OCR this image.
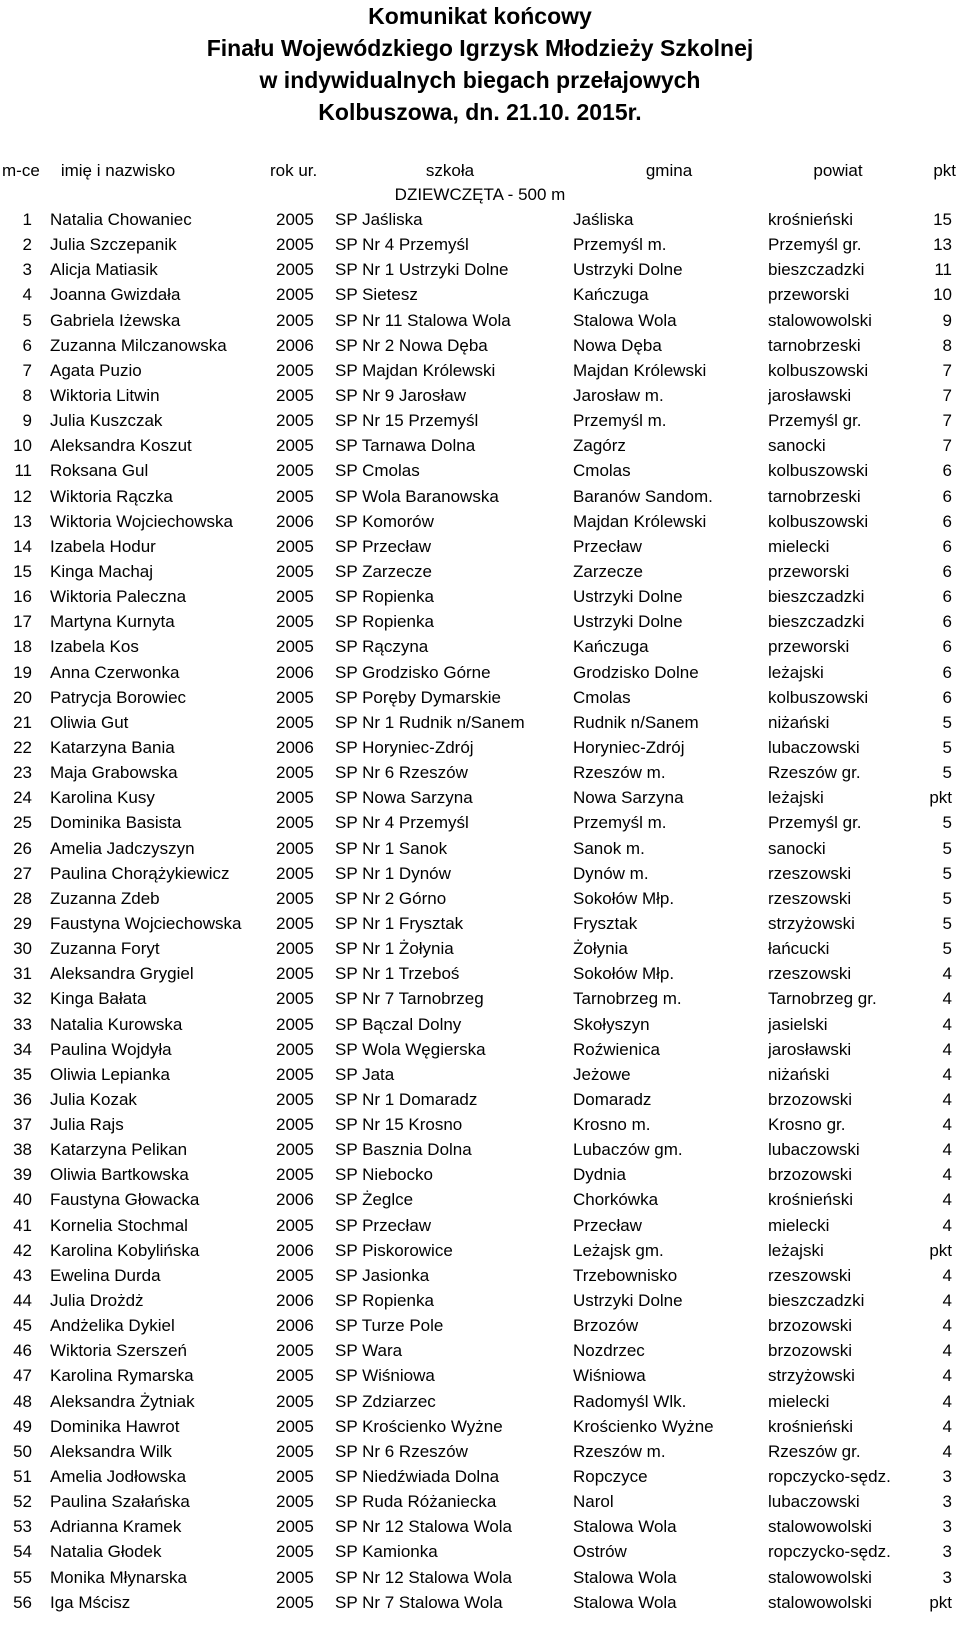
Komunikat końcowy
Finału Wojewódzkiego Igrzysk Młodzieży Szkolnej
w indywidualnych biegach przełajowych
Kolbuszowa, dn. 21.10. 2015r.
m-ce	imię i nazwisko	rok ur.	szkoła	gmina	powiat	pkt
DZIEWCZĘTA - 500 m
1 Natalia Chowaniec	2005	SP Jaśliska	Jaśliska	krośnieński	15
2 Julia Szczepanik	2005	SP Nr 4 Przemyśl	Przemyśl m.	Przemyśl gr.	13
3 Alicja Matiasik	2005	SP Nr 1 Ustrzyki Dolne	Ustrzyki Dolne	bieszczadzki	11
4 Joanna Gwizdała	2005	SP Sietesz	Kańczuga	przeworski	10
5 Gabriela Iżewska	2005	SP Nr 11 Stalowa Wola	Stalowa Wola	stalowowolski	9
6 Zuzanna Milczanowska	2006	SP Nr 2 Nowa Dęba	Nowa Dęba	tarnobrzeski	8
7 Agata Puzio	2005	SP Majdan Królewski	Majdan Królewski	kolbuszowski	7
8 Wiktoria Litwin	2005	SP Nr 9 Jarosław	Jarosław m.	jarosławski	7
9 Julia Kuszczak	2005	SP Nr 15 Przemyśl	Przemyśl m.	Przemyśl gr.	7
10 Aleksandra Koszut	2005	SP Tarnawa Dolna	Zagórz	sanocki	7
11 Roksana Gul	2005	SP Cmolas	Cmolas	kolbuszowski	6
12 Wiktoria Rączka	2005	SP Wola Baranowska	Baranów Sandom.	tarnobrzeski	6
13 Wiktoria Wojciechowska	2006	SP Komorów	Majdan Królewski	kolbuszowski	6
14 Izabela Hodur	2005	SP Przecław	Przecław	mielecki	6
15 Kinga Machaj	2005	SP Zarzecze	Zarzecze	przeworski	6
16 Wiktoria Paleczna	2005	SP Ropienka	Ustrzyki Dolne	bieszczadzki	6
17 Martyna Kurnyta	2005	SP Ropienka	Ustrzyki Dolne	bieszczadzki	6
18 Izabela Kos	2005	SP Rączyna	Kańczuga	przeworski	6
19 Anna Czerwonka	2006	SP Grodzisko Górne	Grodzisko Dolne	leżajski	6
20 Patrycja Borowiec	2005	SP Poręby Dymarskie	Cmolas	kolbuszowski	6
21 Oliwia Gut	2005	SP Nr 1 Rudnik n/Sanem	Rudnik n/Sanem	niżański	5
22 Katarzyna Bania	2006	SP Horyniec-Zdrój	Horyniec-Zdrój	lubaczowski	5
23 Maja Grabowska	2005	SP Nr 6 Rzeszów	Rzeszów m.	Rzeszów gr.	5
24 Karolina Kusy	2005	SP Nowa Sarzyna	Nowa Sarzyna	leżajski	pkt
25 Dominika Basista	2005	SP Nr 4 Przemyśl	Przemyśl m.	Przemyśl gr.	5
26 Amelia Jadczyszyn	2005	SP Nr 1 Sanok	Sanok m.	sanocki	5
27 Paulina Chorążykiewicz	2005	SP Nr 1 Dynów	Dynów m.	rzeszowski	5
28 Zuzanna Zdeb	2005	SP Nr 2 Górno	Sokołów Młp.	rzeszowski	5
29 Faustyna Wojciechowska	2005	SP Nr 1 Frysztak	Frysztak	strzyżowski	5
30 Zuzanna Foryt	2005	SP Nr 1 Żołynia	Żołynia	łańcucki	5
31 Aleksandra Grygiel	2005	SP Nr 1 Trzeboś	Sokołów Młp.	rzeszowski	4
32 Kinga Bałata	2005	SP Nr 7 Tarnobrzeg	Tarnobrzeg m.	Tarnobrzeg gr.	4
33 Natalia Kurowska	2005	SP Bączal Dolny	Skołyszyn	jasielski	4
34 Paulina Wojdyła	2005	SP Wola Węgierska	Roźwienica	jarosławski	4
35 Oliwia Lepianka	2005	SP Jata	Jeżowe	niżański	4
36 Julia Kozak	2005	SP Nr 1 Domaradz	Domaradz	brzozowski	4
37 Julia Rajs	2005	SP Nr 15 Krosno	Krosno m.	Krosno gr.	4
38 Katarzyna Pelikan	2005	SP Basznia Dolna	Lubaczów gm.	lubaczowski	4
39 Oliwia Bartkowska	2005	SP Niebocko	Dydnia	brzozowski	4
40 Faustyna Głowacka	2006	SP Żeglce	Chorkówka	krośnieński	4
41 Kornelia Stochmal	2005	SP Przecław	Przecław	mielecki	4
42 Karolina Kobylińska	2006	SP Piskorowice	Leżajsk gm.	leżajski	pkt
43 Ewelina Durda	2005	SP Jasionka	Trzebownisko	rzeszowski	4
44 Julia Drożdż	2006	SP Ropienka	Ustrzyki Dolne	bieszczadzki	4
45 Andżelika Dykiel	2006	SP Turze Pole	Brzozów	brzozowski	4
46 Wiktoria Szerszeń	2005	SP Wara	Nozdrzec	brzozowski	4
47 Karolina Rymarska	2005	SP Wiśniowa	Wiśniowa	strzyżowski	4
48 Aleksandra Żytniak	2005	SP Zdziarzec	Radomyśl Wlk.	mielecki	4
49 Dominika Hawrot	2005	SP Krościenko Wyżne	Krościenko Wyżne	krośnieński	4
50 Aleksandra Wilk	2005	SP Nr 6 Rzeszów	Rzeszów m.	Rzeszów gr.	4
51 Amelia Jodłowska	2005	SP Niedźwiada Dolna	Ropczyce	ropczycko-sędz.	3
52 Paulina Szałańska	2005	SP Ruda Różaniecka	Narol	lubaczowski	3
53 Adrianna Kramek	2005	SP Nr 12 Stalowa Wola	Stalowa Wola	stalowowolski	3
54 Natalia Głodek	2005	SP Kamionka	Ostrów	ropczycko-sędz.	3
55 Monika Młynarska	2005	SP Nr 12 Stalowa Wola	Stalowa Wola	stalowowolski	3
56 Iga Mścisz	2005	SP Nr 7 Stalowa Wola	Stalowa Wola	stalowowolski	pkt
